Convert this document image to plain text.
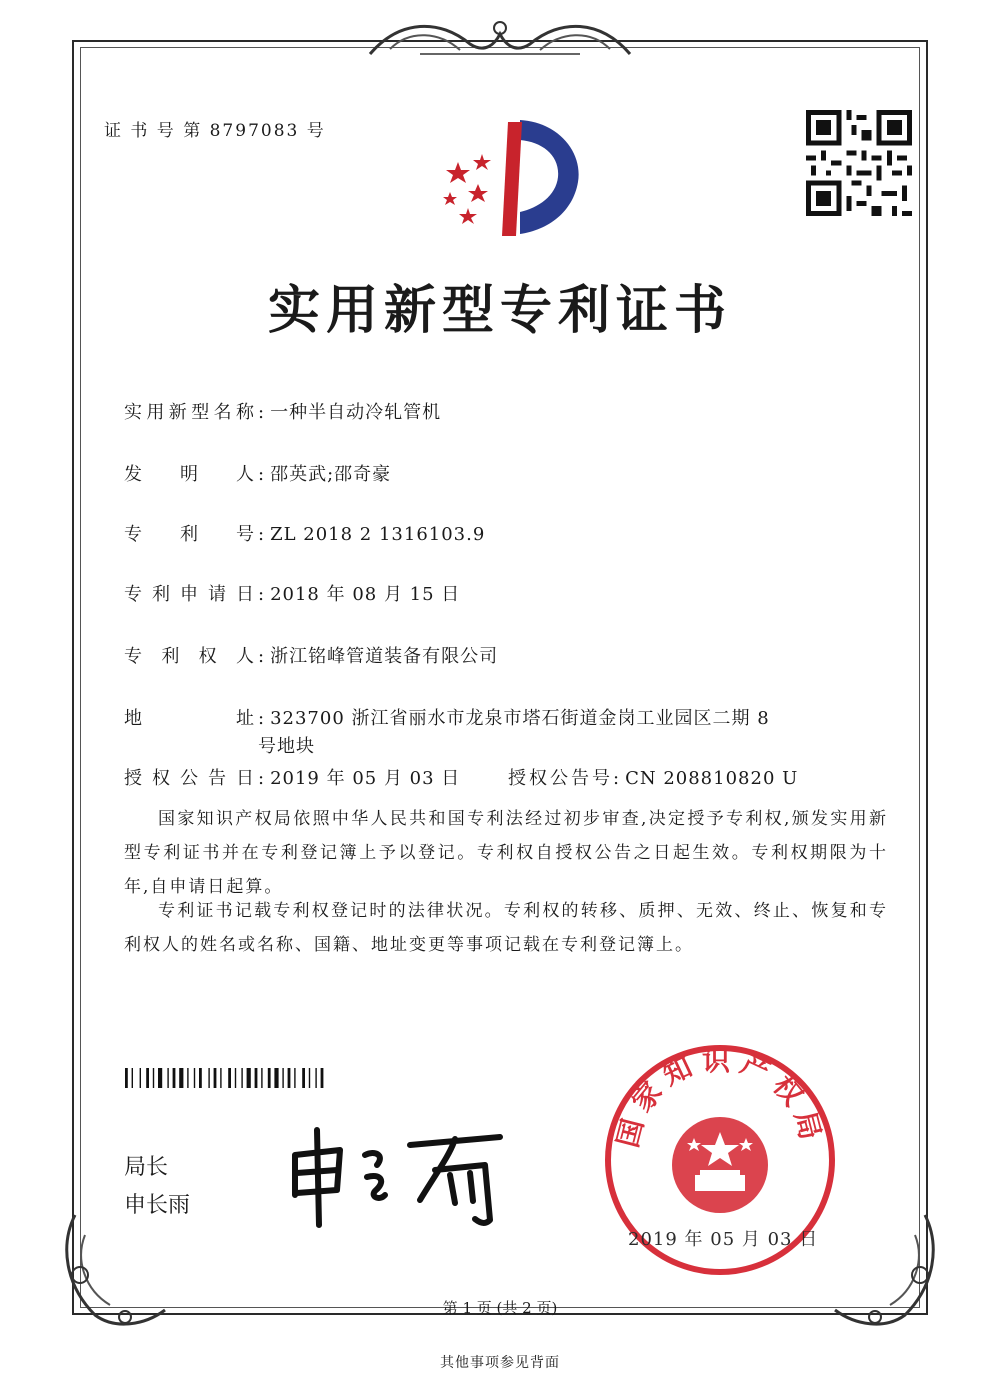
证 书 号 第 8797083 号
实用新型专利证书
实用新型名称 : 一种半自动冷轧管机
发明人 : 邵英武;邵奇豪
专利号 : ZL 2018 2 1316103.9
专利申请日 : 2018 年 08 月 15 日
专利权人 : 浙江铭峰管道装备有限公司
地址 : 323700 浙江省丽水市龙泉市塔石街道金岗工业园区二期 8
号地块
授权公告日 : 2019 年 05 月 03 日	授权公告号: CN 208810820 U
国家知识产权局依照中华人民共和国专利法经过初步审查,决定授予专利权,颁发实用新型专利证书并在专利登记簿上予以登记。专利权自授权公告之日起生效。专利权期限为十年,自申请日起算。
专利证书记载专利权登记时的法律状况。专利权的转移、质押、无效、终止、恢复和专利权人的姓名或名称、国籍、地址变更等事项记载在专利登记簿上。
局长
申长雨
国家知识产权局
2019 年 05 月 03 日
第 1 页 (共 2 页)
其他事项参见背面
